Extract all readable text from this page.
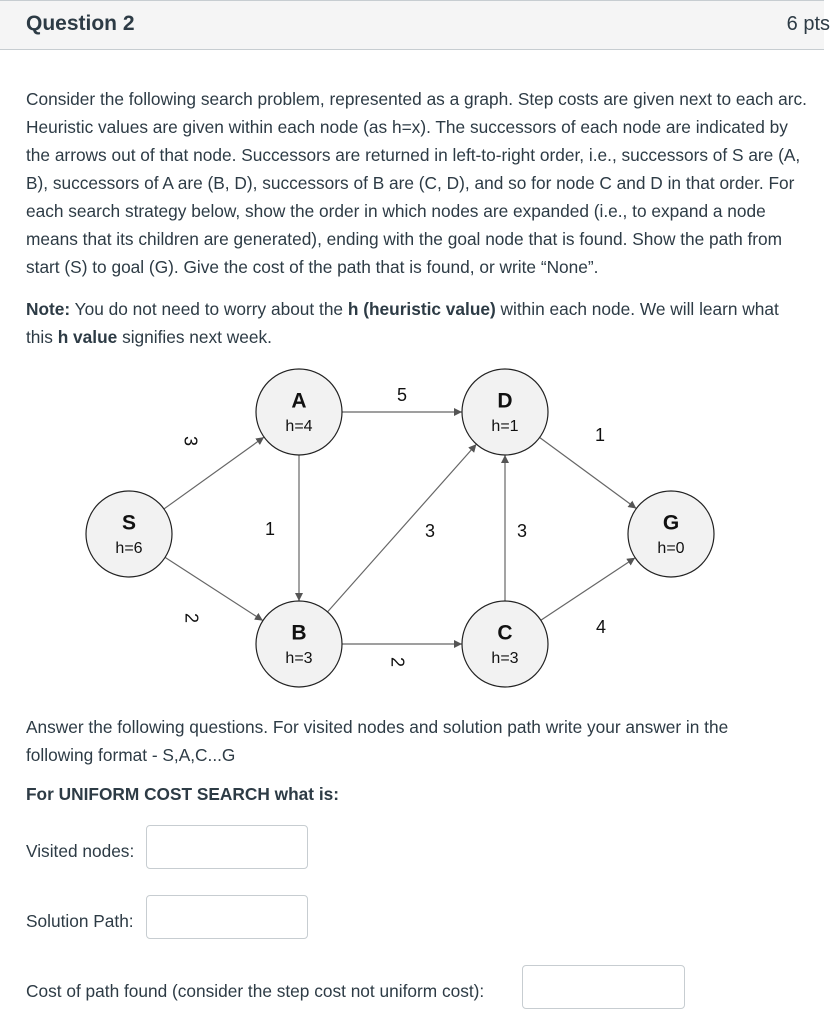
Question 2	6 pts
Consider the following search problem, represented as a graph. Step costs are given next to each arc.
Heuristic values are given within each node (as h=x). The successors of each node are indicated by
the arrows out of that node. Successors are returned in left-to-right order, i.e., successors of S are (A,
B), successors of A are (B, D), successors of B are (C, D), and so for node C and D in that order. For
each search strategy below, show the order in which nodes are expanded (i.e., to expand a node
means that its children are generated), ending with the goal node that is found. Show the path from
start (S) to goal (G). Give the cost of the path that is found, or write “None”.
Note: You do not need to worry about the h (heuristic value) within each node. We will learn what
this h value signifies next week.
3
2
1
5
2
3	3
4
1
S
h=6
A
h=4
B
h=3
C
h=3
D
h=1
G
h=0
Answer the following questions. For visited nodes and solution path write your answer in the
following format - S,A,C...G
For UNIFORM COST SEARCH what is:
Visited nodes:
Solution Path:
Cost of path found (consider the step cost not uniform cost):
